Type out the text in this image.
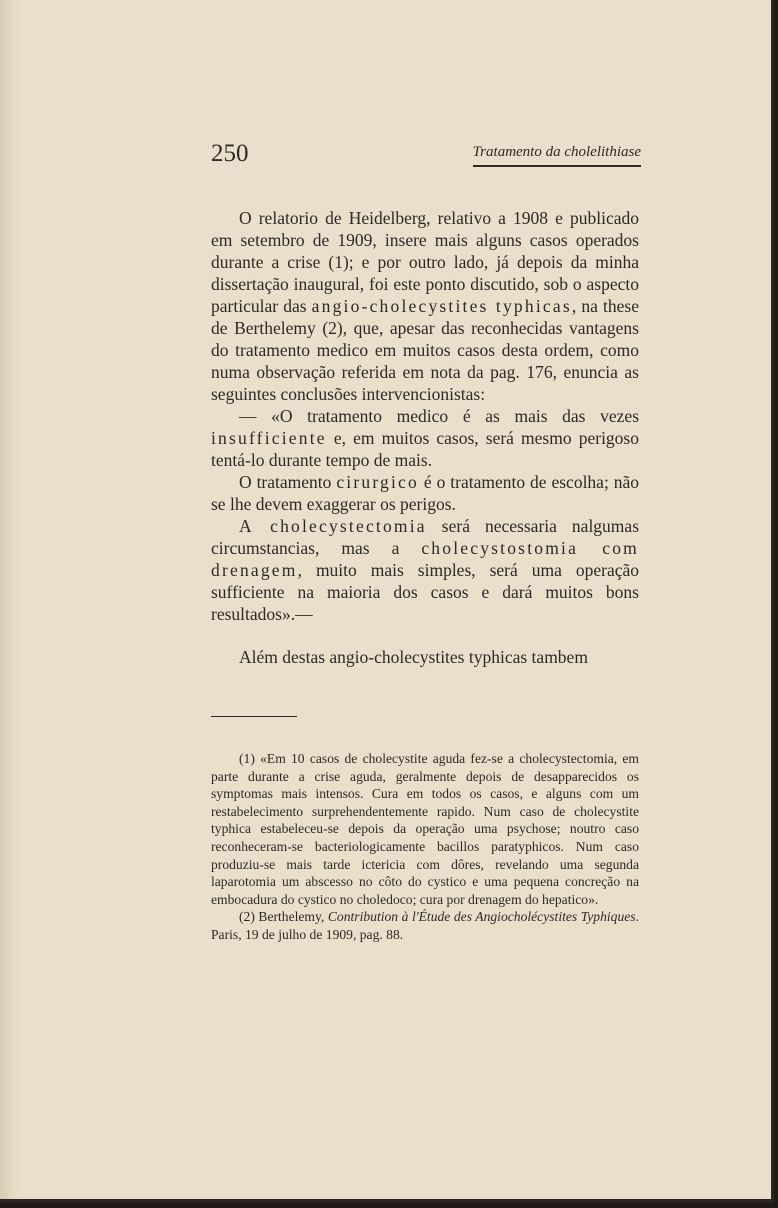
250	Tratamento da cholelithiase

O relatorio de Heidelberg, relativo a 1908 e publicado em setembro de 1909, insere mais alguns casos operados durante a crise (1); e por outro lado, já depois da minha dissertação inaugural, foi este ponto discutido, sob o aspecto particular das angio-cholecystites typhicas, na these de Berthelemy (2), que, apesar das reconhecidas vantagens do tratamento medico em muitos casos desta ordem, como numa observação referida em nota da pag. 176, enuncia as seguintes conclusões intervencionistas:

— «O tratamento medico é as mais das vezes insufficiente e, em muitos casos, será mesmo perigoso tentá-lo durante tempo de mais.

O tratamento cirurgico é o tratamento de escolha; não se lhe devem exaggerar os perigos.

A cholecystectomia será necessaria nalgumas circumstancias, mas a cholecystostomia com drenagem, muito mais simples, será uma operação sufficiente na maioria dos casos e dará muitos bons resultados».—

Além destas angio-cholecystites typhicas tambem

(1) «Em 10 casos de cholecystite aguda fez-se a cholecystectomia, em parte durante a crise aguda, geralmente depois de desapparecidos os symptomas mais intensos. Cura em todos os casos, e alguns com um restabelecimento surprehendentemente rapido. Num caso de cholecystite typhica estabeleceu-se depois da operação uma psychose; noutro caso reconheceram-se bacteriologicamente bacillos paratyphicos. Num caso produziu-se mais tarde ictericia com dôres, revelando uma segunda laparotomia um abscesso no côto do cystico e uma pequena concreção na embocadura do cystico no choledoco; cura por drenagem do hepatico».

(2) Berthelemy, Contribution à l'Étude des Angiocholécystites Typhiques. Paris, 19 de julho de 1909, pag. 88.
